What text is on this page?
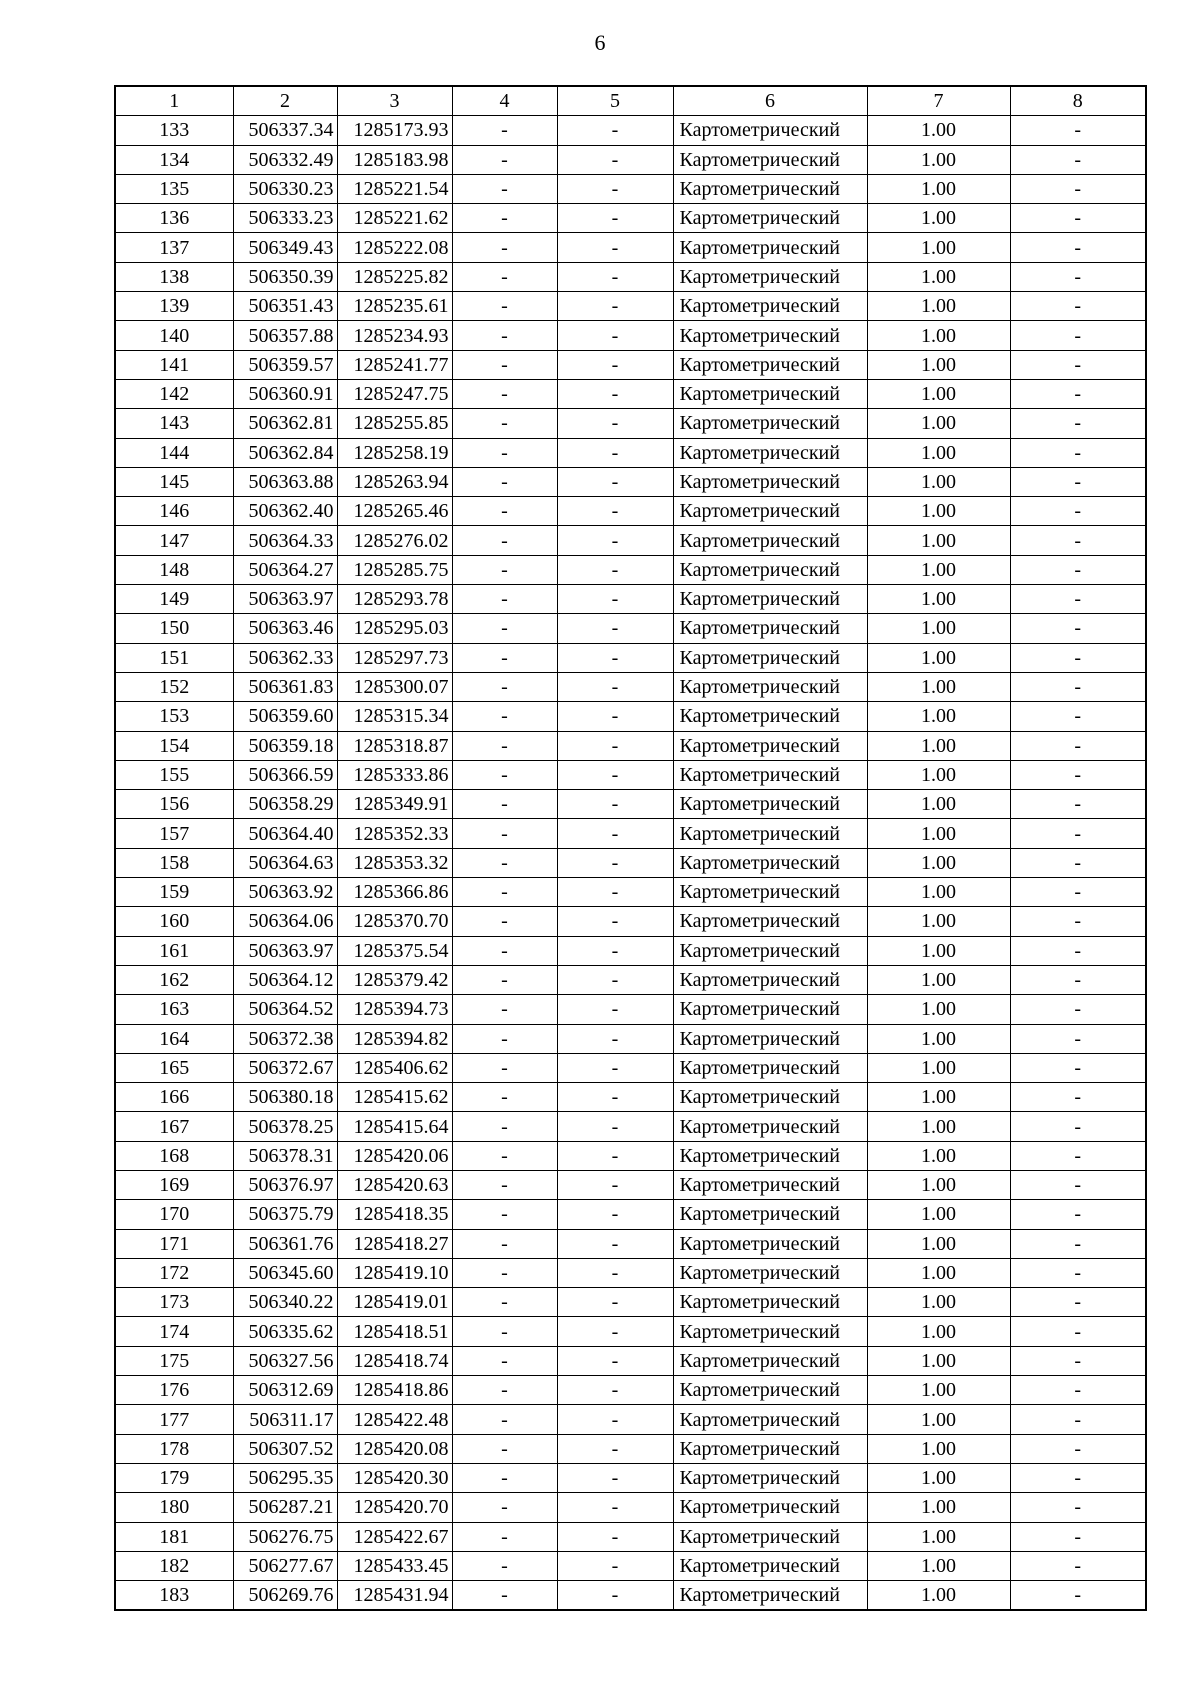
6
1	2	3	4	5	6	7	8
133	506337.34	1285173.93	-	-	Картометрический	1.00	-
134	506332.49	1285183.98	-	-	Картометрический	1.00	-
135	506330.23	1285221.54	-	-	Картометрический	1.00	-
136	506333.23	1285221.62	-	-	Картометрический	1.00	-
137	506349.43	1285222.08	-	-	Картометрический	1.00	-
138	506350.39	1285225.82	-	-	Картометрический	1.00	-
139	506351.43	1285235.61	-	-	Картометрический	1.00	-
140	506357.88	1285234.93	-	-	Картометрический	1.00	-
141	506359.57	1285241.77	-	-	Картометрический	1.00	-
142	506360.91	1285247.75	-	-	Картометрический	1.00	-
143	506362.81	1285255.85	-	-	Картометрический	1.00	-
144	506362.84	1285258.19	-	-	Картометрический	1.00	-
145	506363.88	1285263.94	-	-	Картометрический	1.00	-
146	506362.40	1285265.46	-	-	Картометрический	1.00	-
147	506364.33	1285276.02	-	-	Картометрический	1.00	-
148	506364.27	1285285.75	-	-	Картометрический	1.00	-
149	506363.97	1285293.78	-	-	Картометрический	1.00	-
150	506363.46	1285295.03	-	-	Картометрический	1.00	-
151	506362.33	1285297.73	-	-	Картометрический	1.00	-
152	506361.83	1285300.07	-	-	Картометрический	1.00	-
153	506359.60	1285315.34	-	-	Картометрический	1.00	-
154	506359.18	1285318.87	-	-	Картометрический	1.00	-
155	506366.59	1285333.86	-	-	Картометрический	1.00	-
156	506358.29	1285349.91	-	-	Картометрический	1.00	-
157	506364.40	1285352.33	-	-	Картометрический	1.00	-
158	506364.63	1285353.32	-	-	Картометрический	1.00	-
159	506363.92	1285366.86	-	-	Картометрический	1.00	-
160	506364.06	1285370.70	-	-	Картометрический	1.00	-
161	506363.97	1285375.54	-	-	Картометрический	1.00	-
162	506364.12	1285379.42	-	-	Картометрический	1.00	-
163	506364.52	1285394.73	-	-	Картометрический	1.00	-
164	506372.38	1285394.82	-	-	Картометрический	1.00	-
165	506372.67	1285406.62	-	-	Картометрический	1.00	-
166	506380.18	1285415.62	-	-	Картометрический	1.00	-
167	506378.25	1285415.64	-	-	Картометрический	1.00	-
168	506378.31	1285420.06	-	-	Картометрический	1.00	-
169	506376.97	1285420.63	-	-	Картометрический	1.00	-
170	506375.79	1285418.35	-	-	Картометрический	1.00	-
171	506361.76	1285418.27	-	-	Картометрический	1.00	-
172	506345.60	1285419.10	-	-	Картометрический	1.00	-
173	506340.22	1285419.01	-	-	Картометрический	1.00	-
174	506335.62	1285418.51	-	-	Картометрический	1.00	-
175	506327.56	1285418.74	-	-	Картометрический	1.00	-
176	506312.69	1285418.86	-	-	Картометрический	1.00	-
177	506311.17	1285422.48	-	-	Картометрический	1.00	-
178	506307.52	1285420.08	-	-	Картометрический	1.00	-
179	506295.35	1285420.30	-	-	Картометрический	1.00	-
180	506287.21	1285420.70	-	-	Картометрический	1.00	-
181	506276.75	1285422.67	-	-	Картометрический	1.00	-
182	506277.67	1285433.45	-	-	Картометрический	1.00	-
183	506269.76	1285431.94	-	-	Картометрический	1.00	-
